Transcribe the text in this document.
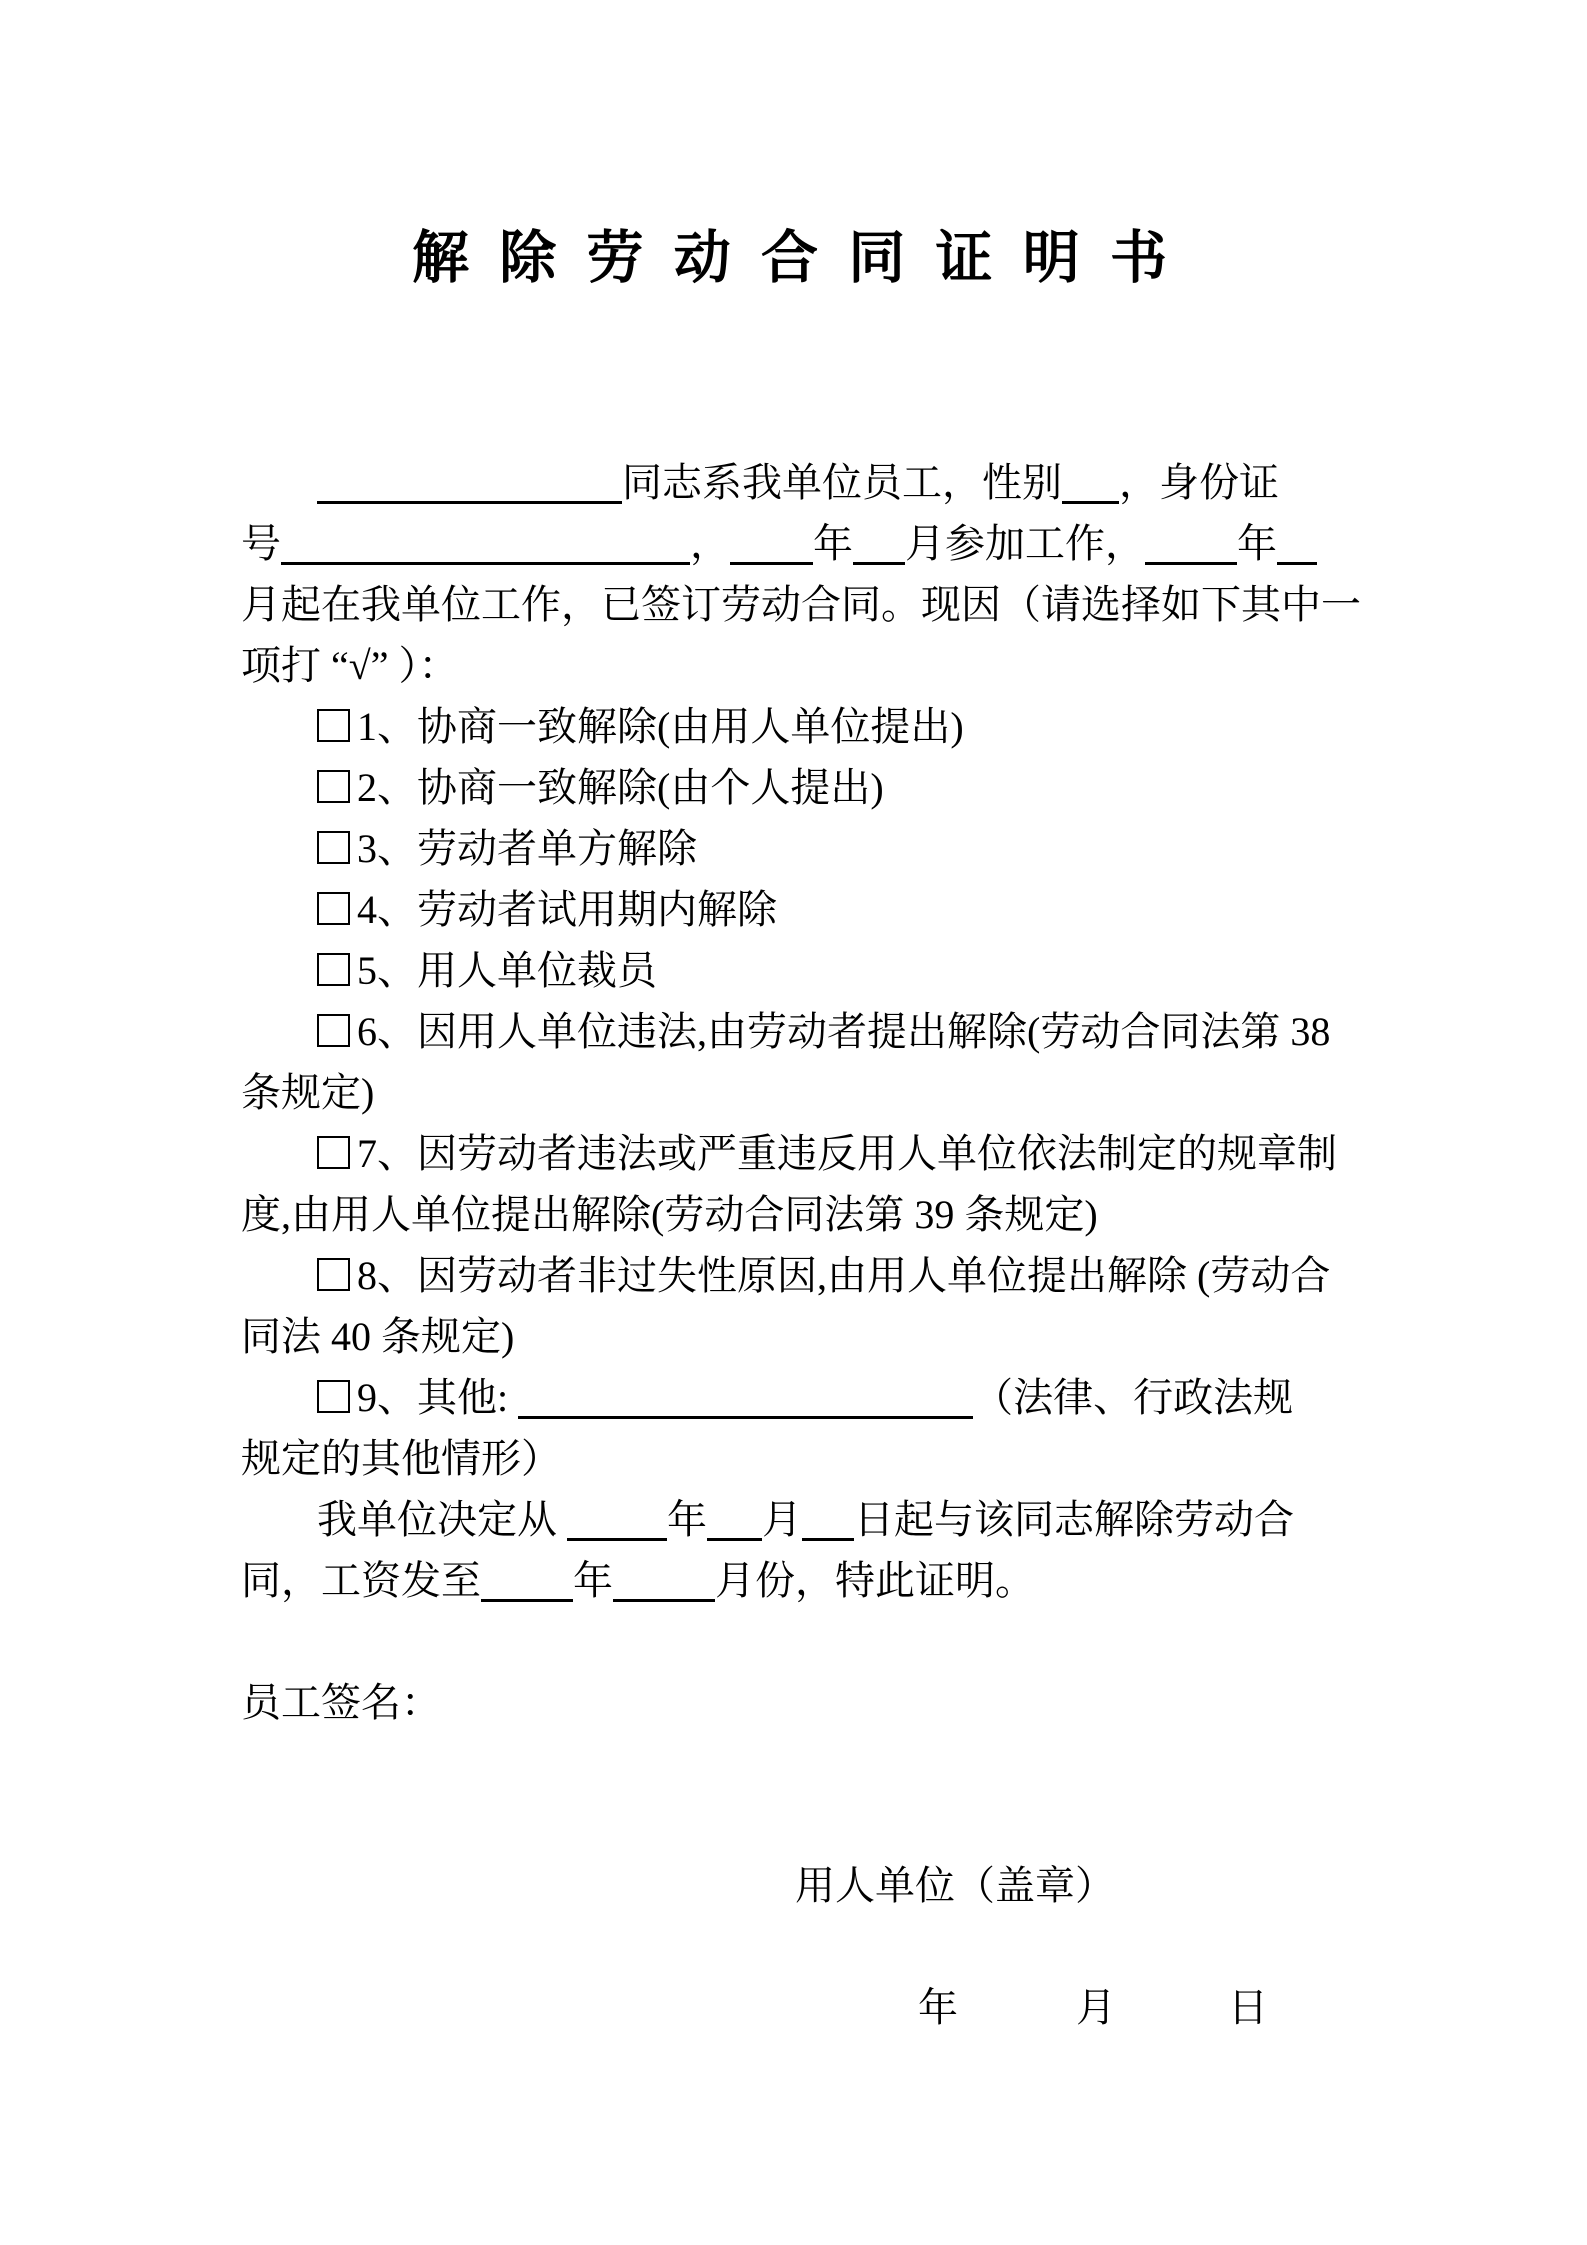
解 除 劳 动 合 同 证 明 书
同志系我单位员工，性别 ，身份证
号	， 年 月参加工作， 年
月起在我单位工作，已签订劳动合同。现因（请选择如下其中一
项打 “√” ）：
1、协商一致解除(由用人单位提出)
2、协商一致解除(由个人提出)
3、劳动者单方解除
4、劳动者试用期内解除
5、用人单位裁员
6、因用人单位违法,由劳动者提出解除(劳动合同法第 38
条规定)
7、因劳动者违法或严重违反用人单位依法制定的规章制
度,由用人单位提出解除(劳动合同法第 39 条规定)
8、因劳动者非过失性原因,由用人单位提出解除 (劳动合
同法 40 条规定)
9、其他:	（法律、行政法规
规定的其他情形）
我单位决定从	年 月 日起与该同志解除劳动合
同，工资发至 年	月份，特此证明。
员工签名：
用人单位（盖章）
年	月	日
